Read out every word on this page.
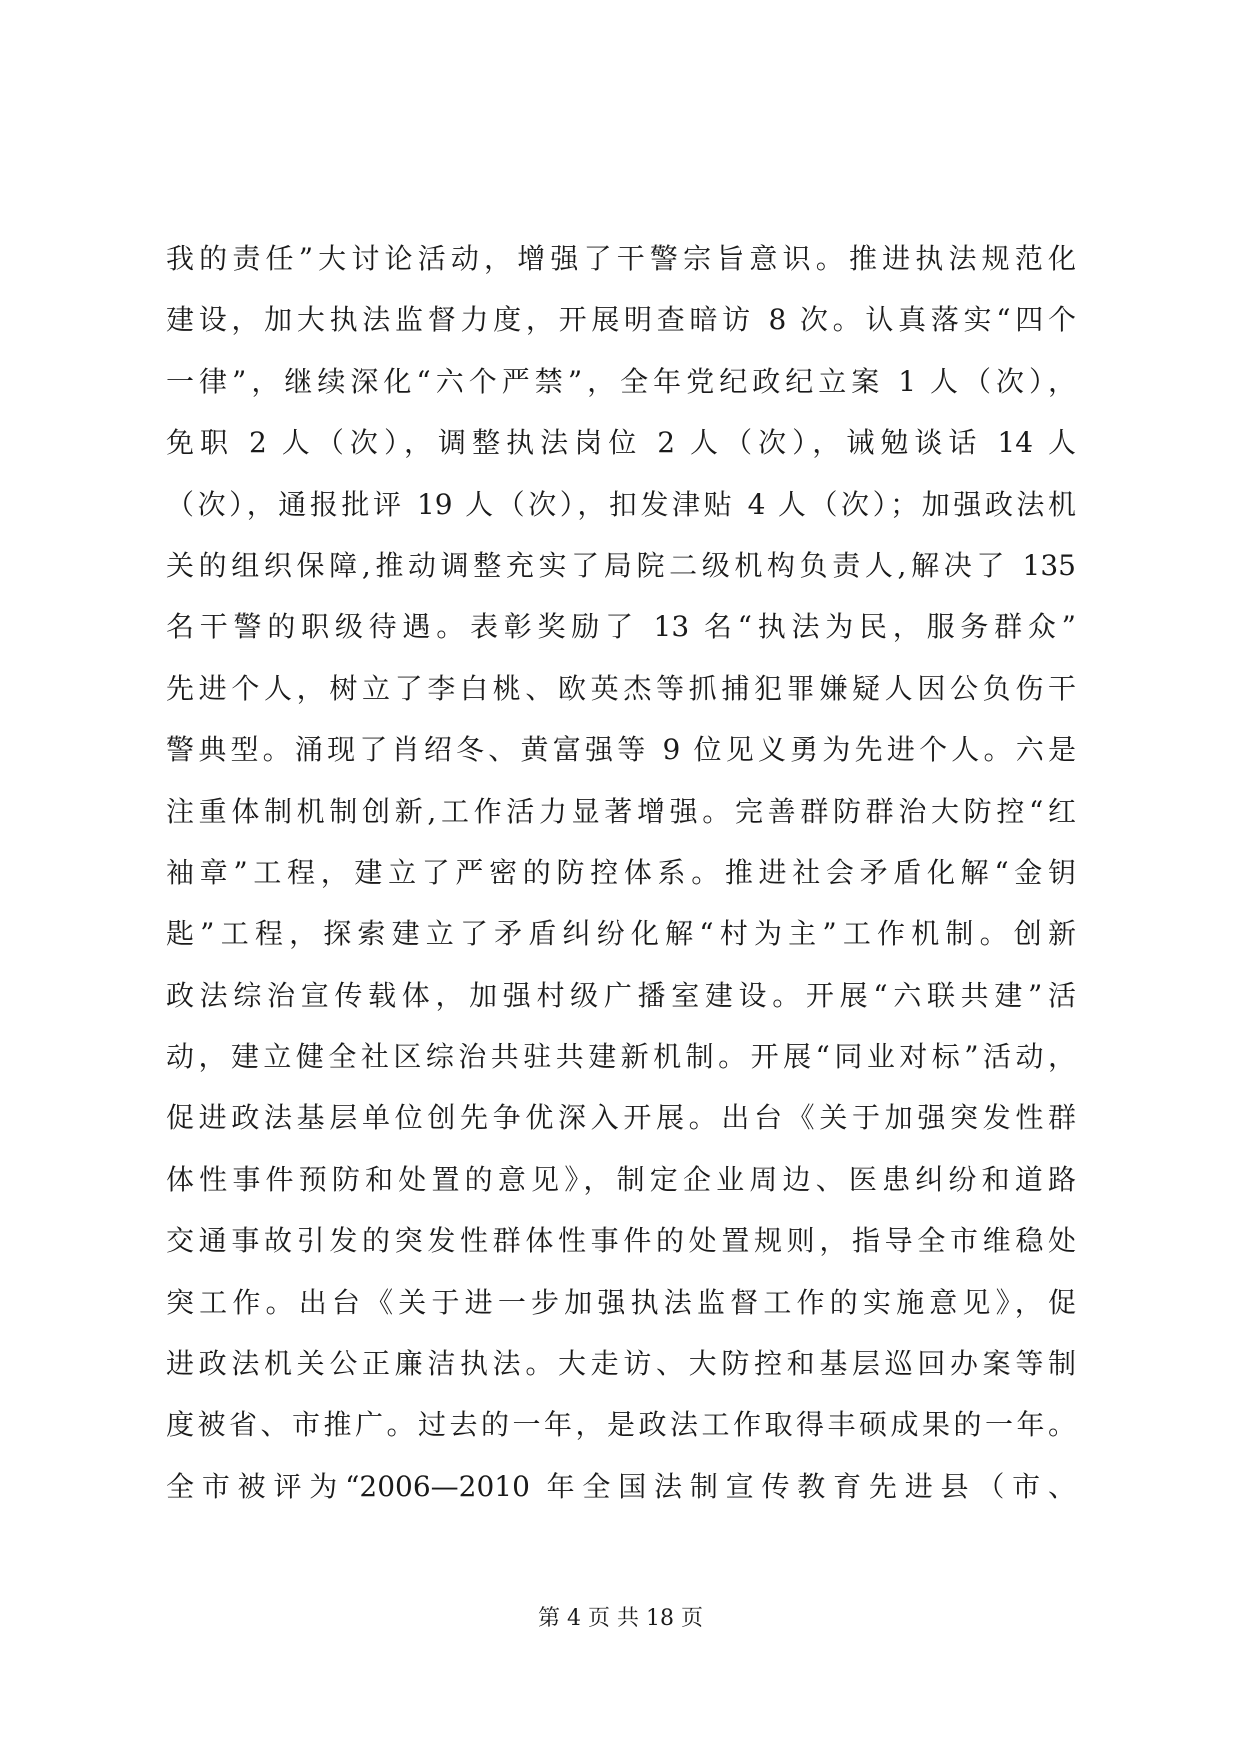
我的责任”大讨论活动，增强了干警宗旨意识。推进执法规范化
建设，加大执法监督力度，开展明查暗访 8 次。认真落实“四个
一律”，继续深化“六个严禁”，全年党纪政纪立案 1 人（次），
免职 2 人（次），调整执法岗位 2 人（次），诫勉谈话 14 人
（次），通报批评 19 人（次），扣发津贴 4 人（次）；加强政法机
关的组织保障,推动调整充实了局院二级机构负责人,解决了 135
名干警的职级待遇。表彰奖励了 13 名“执法为民，服务群众”
先进个人，树立了李白桃、欧英杰等抓捕犯罪嫌疑人因公负伤干
警典型。涌现了肖绍冬、黄富强等 9 位见义勇为先进个人。六是
注重体制机制创新,工作活力显著增强。完善群防群治大防控“红
袖章”工程，建立了严密的防控体系。推进社会矛盾化解“金钥
匙”工程，探索建立了矛盾纠纷化解“村为主”工作机制。创新
政法综治宣传载体，加强村级广播室建设。开展“六联共建”活
动，建立健全社区综治共驻共建新机制。开展“同业对标”活动，
促进政法基层单位创先争优深入开展。出台《关于加强突发性群
体性事件预防和处置的意见》，制定企业周边、医患纠纷和道路
交通事故引发的突发性群体性事件的处置规则，指导全市维稳处
突工作。出台《关于进一步加强执法监督工作的实施意见》，促
进政法机关公正廉洁执法。大走访、大防控和基层巡回办案等制
度被省、市推广。过去的一年，是政法工作取得丰硕成果的一年。
全市被评为“2006—2010 年全国法制宣传教育先进县（市、
第 4 页 共 18 页
